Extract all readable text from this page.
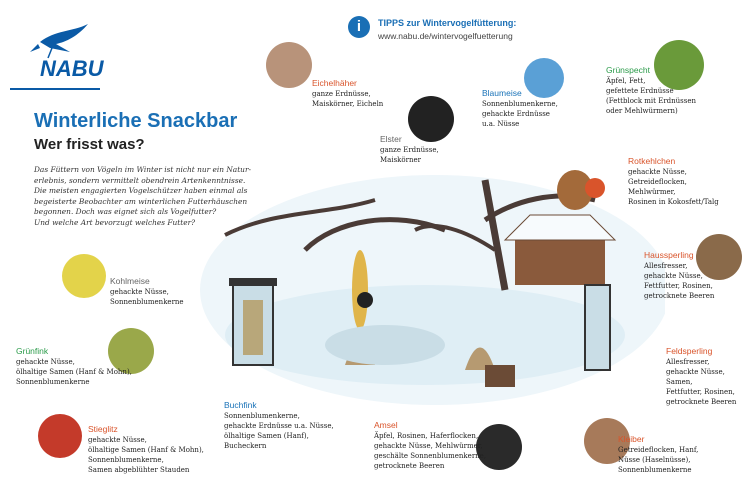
NABU
i	TIPPS zur Wintervogelfütterung:
www.nabu.de/wintervogelfuetterung
Winterliche Snackbar
Wer frisst was?
Das Füttern von Vögeln im Winter ist nicht nur ein Natur-
erlebnis, sondern vermittelt obendrein Artenkenntnisse.
Die meisten engagierten Vogelschützer haben einmal als
begeisterte Beobachter am winterlichen Futterhäuschen
begonnen. Doch was eignet sich als Vogelfutter?
Und welche Art bevorzugt welches Futter?
Eichelhäher
ganze Erdnüsse,
Maiskörner, Eicheln
Blaumeise
Sonnenblumenkerne,
gehackte Erdnüsse
u.a. Nüsse
Grünspecht
Äpfel, Fett,
gefettete Erdnüsse
(Fettblock mit Erdnüssen
oder Mehlwürmern)
Elster
ganze Erdnüsse,
Maiskörner	Rotkehlchen
gehackte Nüsse,
Getreideflocken,
Mehlwürmer,
Rosinen in Kokosfett/Talg
Haussperling
Allesfresser,
gehackte Nüsse,
Fettfutter, Rosinen,
getrocknete Beeren
Kohlmeise
gehackte Nüsse,
Sonnenblumenkerne
Grünfink
gehackte Nüsse,
ölhaltige Samen (Hanf & Mohn),
Sonnenblumenkerne
Feldsperling
Allesfresser,
gehackte Nüsse, Samen,
Fettfutter, Rosinen,
getrocknete Beeren
Buchfink
Sonnenblumenkerne,
gehackte Erdnüsse u.a. Nüsse,
ölhaltige Samen (Hanf),
Bucheckern
Stieglitz
gehackte Nüsse,
ölhaltige Samen (Hanf & Mohn),
Sonnenblumenkerne,
Samen abgeblühter Stauden
Amsel
Äpfel, Rosinen, Haferflocken,
gehackte Nüsse, Mehlwürmer,
geschälte Sonnenblumenkerne,
getrocknete Beeren
Kleiber
Getreideflocken, Hanf,
Nüsse (Haselnüsse),
Sonnenblumenkerne
